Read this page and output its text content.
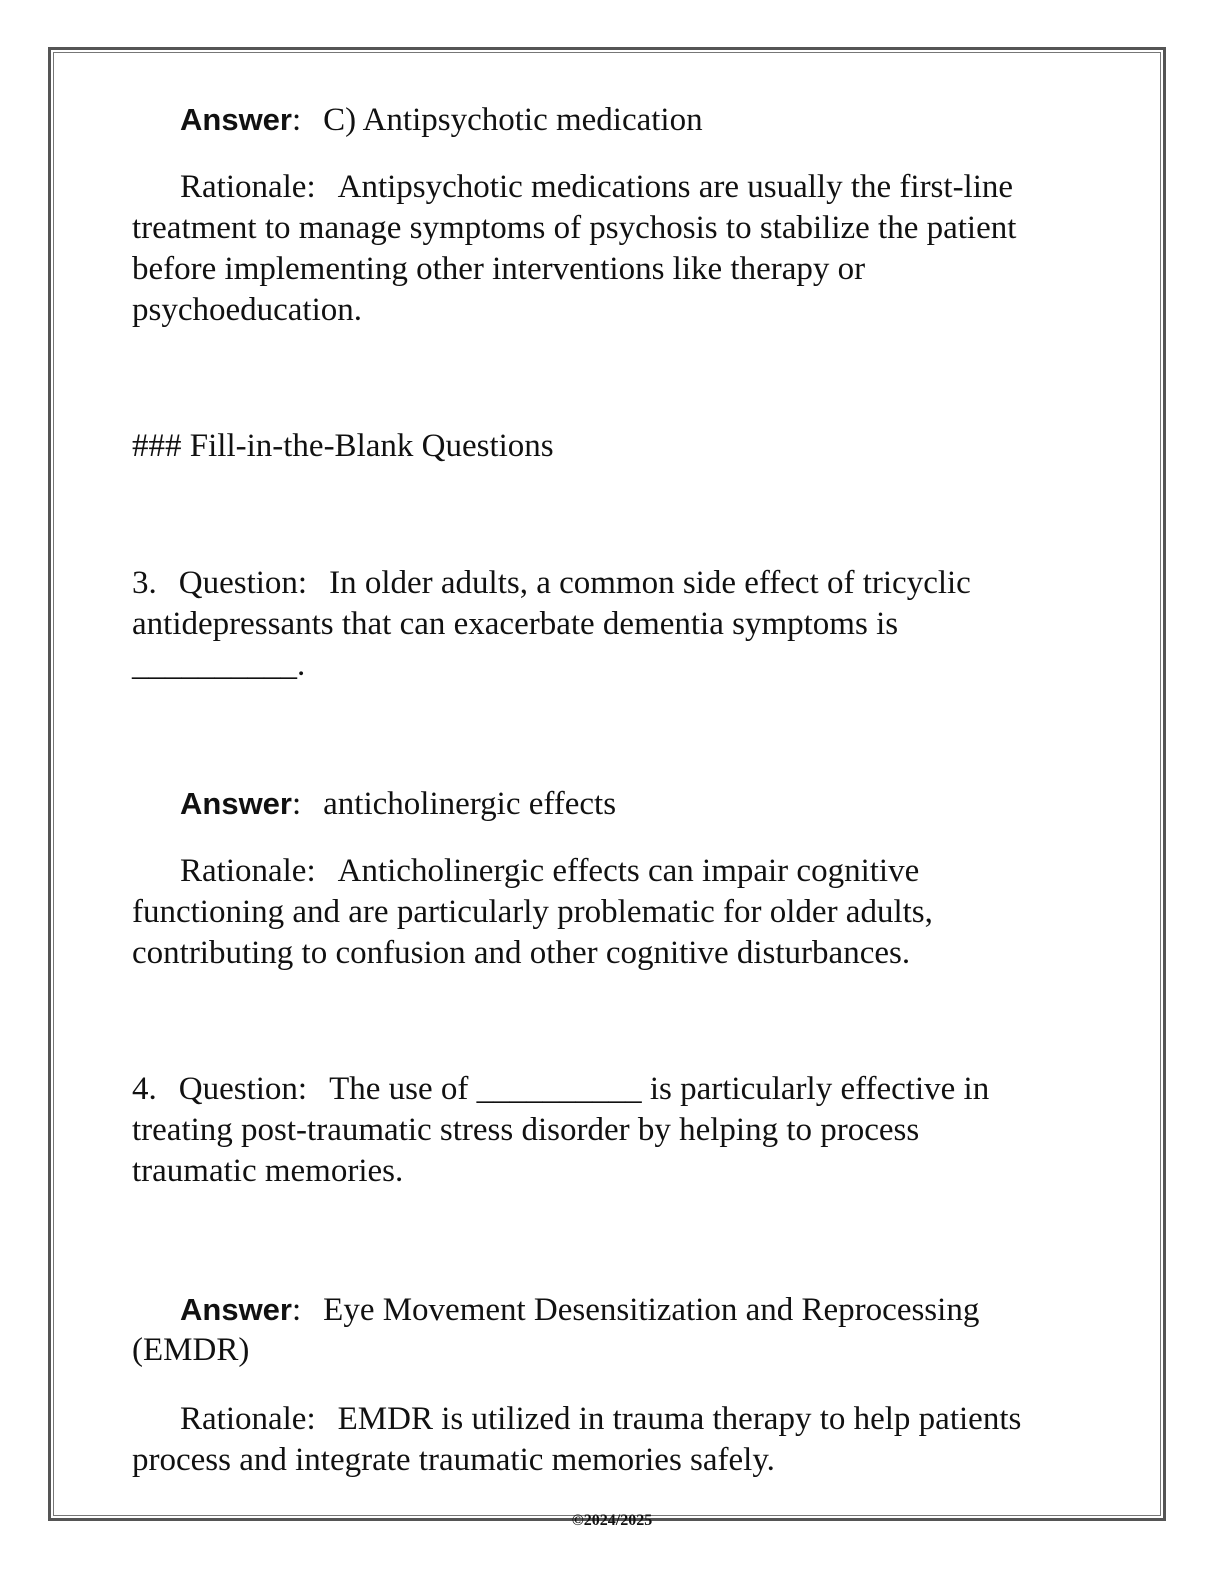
Answer: C) Antipsychotic medication
Rationale: Antipsychotic medications are usually the first-line
treatment to manage symptoms of psychosis to stabilize the patient
before implementing other interventions like therapy or
psychoeducation.
### Fill-in-the-Blank Questions
3. Question: In older adults, a common side effect of tricyclic
antidepressants that can exacerbate dementia symptoms is
__________.
Answer: anticholinergic effects
Rationale: Anticholinergic effects can impair cognitive
functioning and are particularly problematic for older adults,
contributing to confusion and other cognitive disturbances.
4. Question: The use of __________ is particularly effective in
treating post-traumatic stress disorder by helping to process
traumatic memories.
Answer: Eye Movement Desensitization and Reprocessing
(EMDR)
Rationale: EMDR is utilized in trauma therapy to help patients
process and integrate traumatic memories safely.
©2024/2025
